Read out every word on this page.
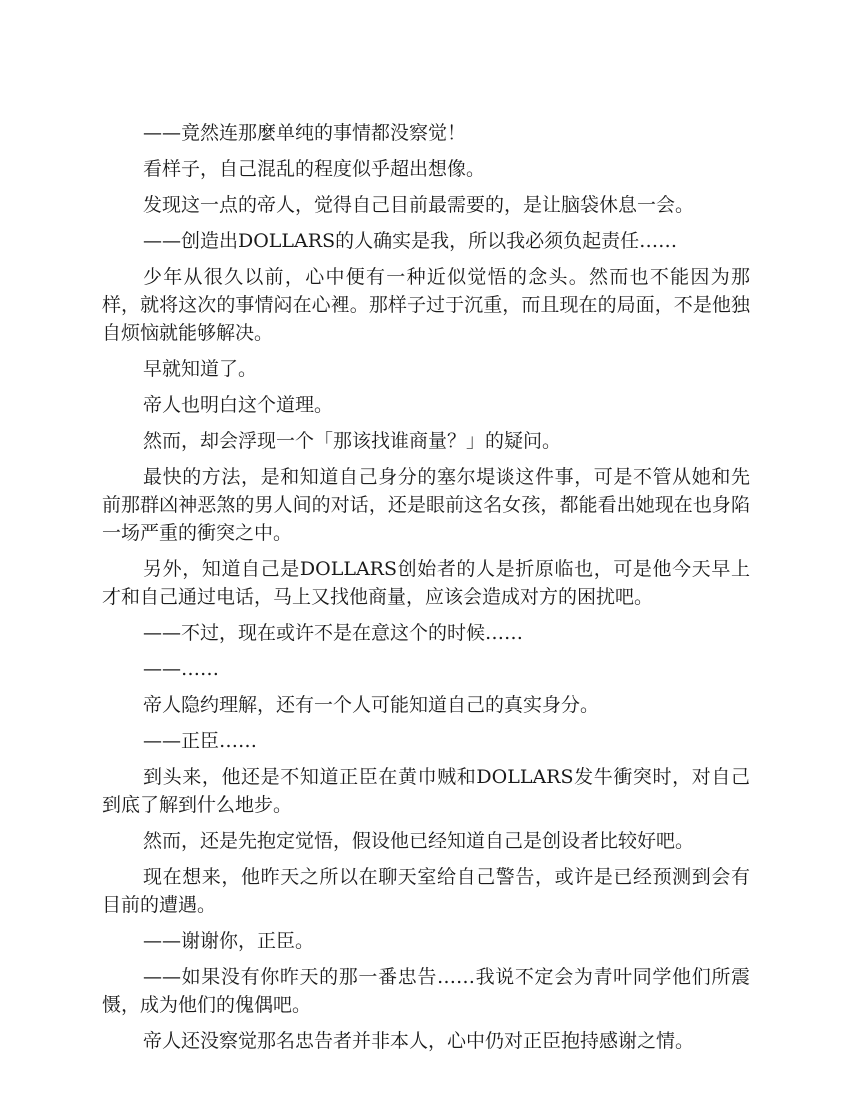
——竟然连那麼单纯的事情都没察觉！

看样子，自己混乱的程度似乎超出想像。

发现这一点的帝人，觉得自己目前最需要的，是让脑袋休息一会。

——创造出DOLLARS的人确实是我，所以我必须负起责任……

少年从很久以前，心中便有一种近似觉悟的念头。然而也不能因为那样，就将这次的事情闷在心裡。那样子过于沉重，而且现在的局面，不是他独自烦恼就能够解决。

早就知道了。

帝人也明白这个道理。

然而，却会浮现一个「那该找谁商量？」的疑问。

最快的方法，是和知道自己身分的塞尔堤谈这件事，可是不管从她和先前那群凶神恶煞的男人间的对话，还是眼前这名女孩，都能看出她现在也身陷一场严重的衝突之中。

另外，知道自己是DOLLARS创始者的人是折原临也，可是他今天早上才和自己通过电话，马上又找他商量，应该会造成对方的困扰吧。

——不过，现在或许不是在意这个的时候……

——……

帝人隐约理解，还有一个人可能知道自己的真实身分。

——正臣……

到头来，他还是不知道正臣在黄巾贼和DOLLARS发牛衝突时，对自己到底了解到什么地步。

然而，还是先抱定觉悟，假设他已经知道自己是创设者比较好吧。

现在想来，他昨天之所以在聊天室给自己警告，或许是已经预测到会有目前的遭遇。

——谢谢你，正臣。

——如果没有你昨天的那一番忠告……我说不定会为青叶同学他们所震慑，成为他们的傀偶吧。

帝人还没察觉那名忠告者并非本人，心中仍对正臣抱持感谢之情。
